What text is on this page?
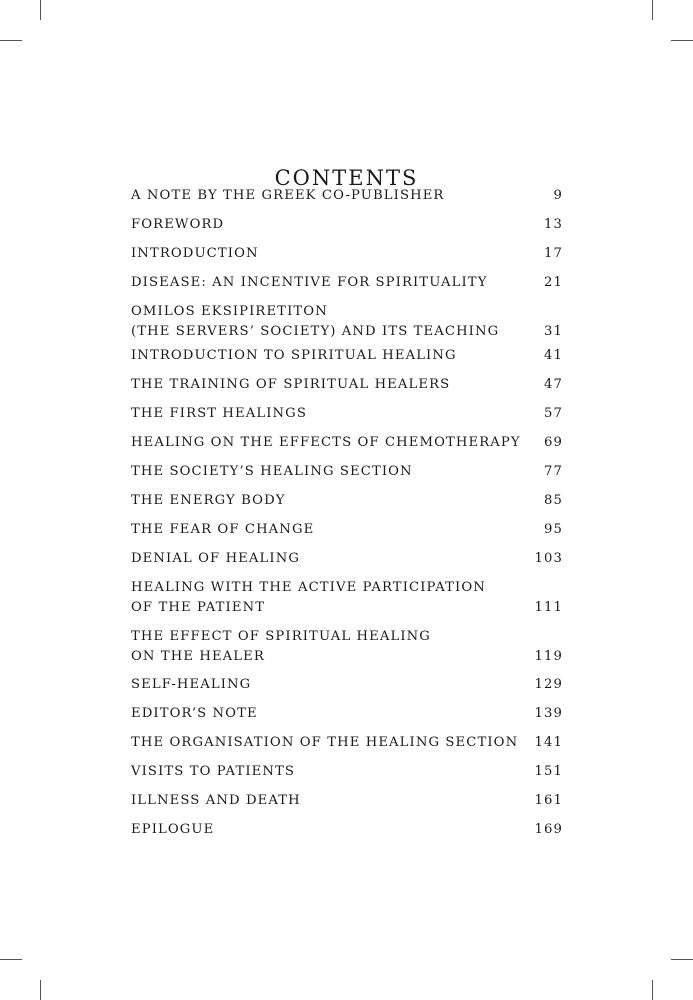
CONTENTS
A NOTE BY THE GREEK CO-PUBLISHER	9
FOREWORD	13
INTRODUCTION	17
DISEASE: AN INCENTIVE FOR SPIRITUALITY	21
OMILOS EKSIPIRETITON
(THE SERVERS’ SOCIETY) AND ITS TEACHING	31
INTRODUCTION TO SPIRITUAL HEALING	41
THE TRAINING OF SPIRITUAL HEALERS	47
THE FIRST HEALINGS	57
HEALING ON THE EFFECTS OF CHEMOTHERAPY	69
THE SOCIETY’S HEALING SECTION	77
THE ENERGY BODY	85
THE FEAR OF CHANGE	95
DENIAL OF HEALING	103
HEALING WITH THE ACTIVE PARTICIPATION
OF THE PATIENT	111
THE EFFECT OF SPIRITUAL HEALING
ON THE HEALER	119
SELF-HEALING	129
EDITOR’S NOTE	139
THE ORGANISATION OF THE HEALING SECTION	141
VISITS TO PATIENTS	151
ILLNESS AND DEATH	161
EPILOGUE	169
